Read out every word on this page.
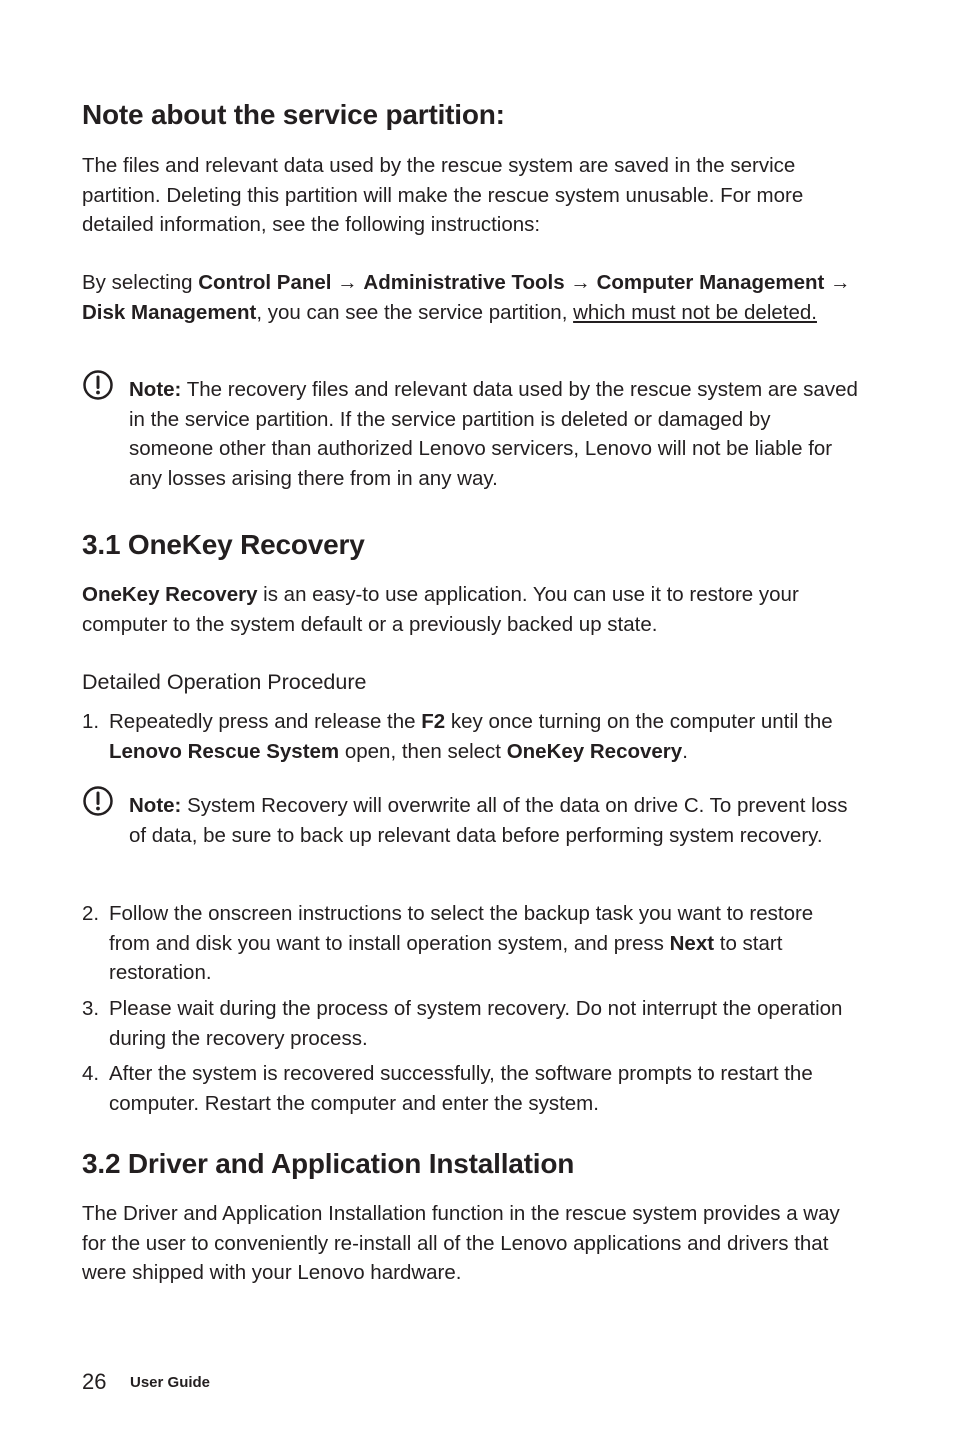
Note about the service partition:
The files and relevant data used by the rescue system are saved in the service partition. Deleting this partition will make the rescue system unusable. For more detailed information, see the following instructions:
By selecting Control Panel → Administrative Tools → Computer Management → Disk Management, you can see the service partition, which must not be deleted.
Note: The recovery files and relevant data used by the rescue system are saved in the service partition. If the service partition is deleted or damaged by someone other than authorized Lenovo servicers, Lenovo will not be liable for any losses arising there from in any way.
3.1 OneKey Recovery
OneKey Recovery is an easy-to use application. You can use it to restore your computer to the system default or a previously backed up state.
Detailed Operation Procedure
1. Repeatedly press and release the F2 key once turning on the computer until the Lenovo Rescue System open, then select OneKey Recovery.
Note: System Recovery will overwrite all of the data on drive C. To prevent loss of data, be sure to back up relevant data before performing system recovery.
2. Follow the onscreen instructions to select the backup task you want to restore from and disk you want to install operation system, and press Next to start restoration.
3. Please wait during the process of system recovery. Do not interrupt the operation during the recovery process.
4. After the system is recovered successfully, the software prompts to restart the computer. Restart the computer and enter the system.
3.2 Driver and Application Installation
The Driver and Application Installation function in the rescue system provides a way for the user to conveniently re-install all of the Lenovo applications and drivers that were shipped with your Lenovo hardware.
26 User Guide
